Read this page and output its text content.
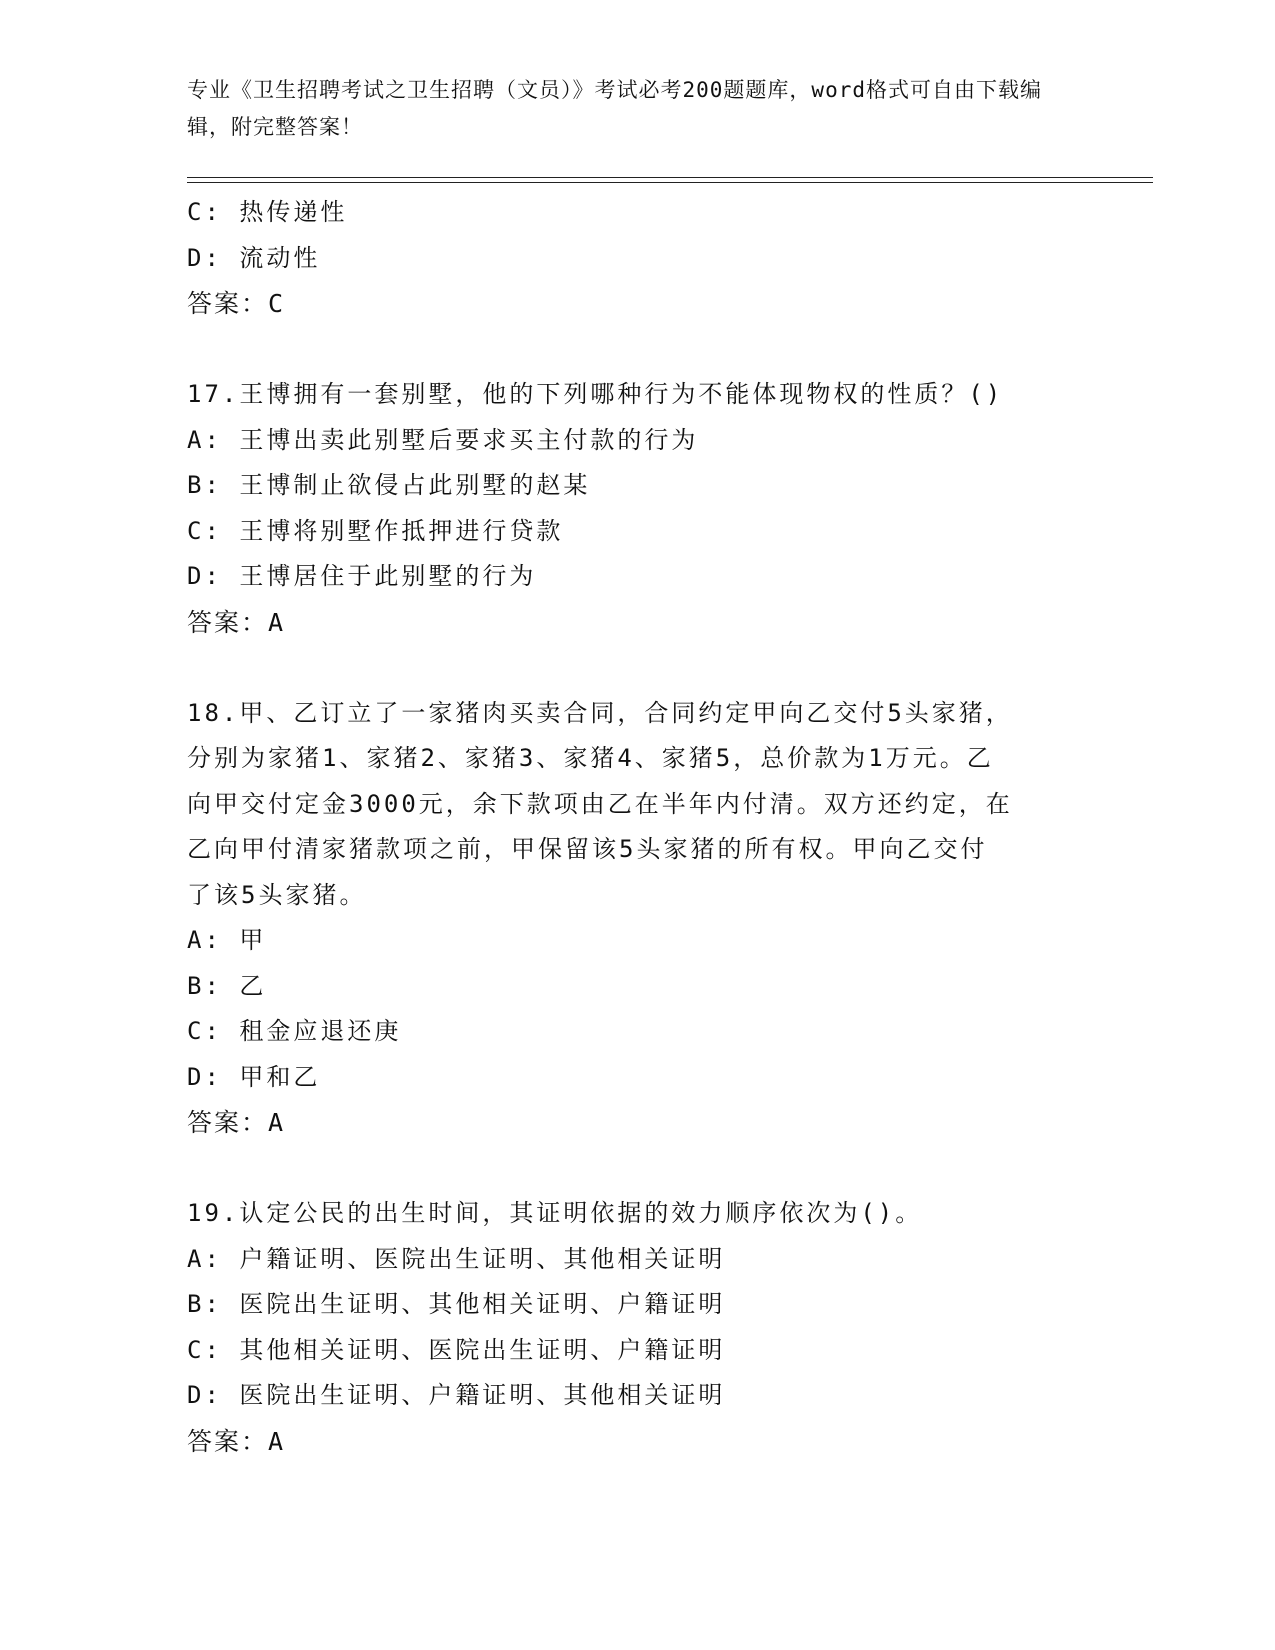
专业《卫生招聘考试之卫生招聘（文员）》考试必考200题题库，word格式可自由下载编辑，附完整答案！
C: 热传递性
D: 流动性
答案：C
17.王博拥有一套别墅，他的下列哪种行为不能体现物权的性质？()
A: 王博出卖此别墅后要求买主付款的行为
B: 王博制止欲侵占此别墅的赵某
C: 王博将别墅作抵押进行贷款
D: 王博居住于此别墅的行为
答案：A
18.甲、乙订立了一家猪肉买卖合同，合同约定甲向乙交付5头家猪，
分别为家猪1、家猪2、家猪3、家猪4、家猪5，总价款为1万元。乙
向甲交付定金3000元，余下款项由乙在半年内付清。双方还约定，在
乙向甲付清家猪款项之前，甲保留该5头家猪的所有权。甲向乙交付
了该5头家猪。
A: 甲
B: 乙
C: 租金应退还庚
D: 甲和乙
答案：A
19.认定公民的出生时间，其证明依据的效力顺序依次为()。
A: 户籍证明、医院出生证明、其他相关证明
B: 医院出生证明、其他相关证明、户籍证明
C: 其他相关证明、医院出生证明、户籍证明
D: 医院出生证明、户籍证明、其他相关证明
答案：A
